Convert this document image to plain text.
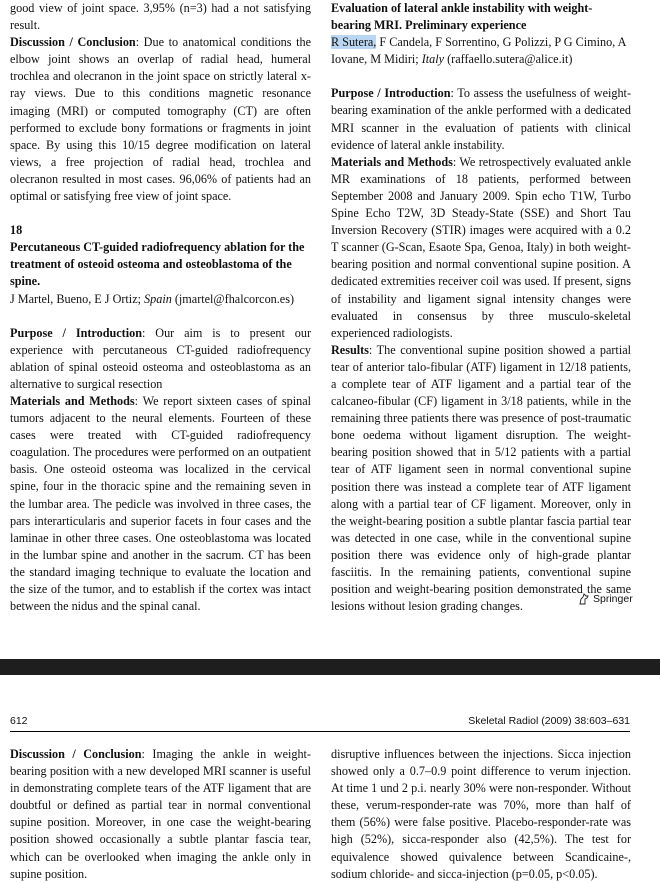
good view of joint space. 3,95% (n=3) had a not satisfying result.

Discussion / Conclusion: Due to anatomical conditions the elbow joint shows an overlap of radial head, humeral trochlea and olecranon in the joint space on strictly lateral x-ray views. Due to this conditions magnetic resonance imaging (MRI) or computed tomography (CT) are often performed to exclude bony formations or fragments in joint space. By using this 10/15 degree modification on lateral views, a free projection of radial head, trochlea and olecranon resulted in most cases. 96,06% of patients had an optimal or satisfying free view of joint space.

18

Percutaneous CT-guided radiofrequency ablation for the treatment of osteoid osteoma and osteoblastoma of the spine.

J Martel, Bueno, E J Ortiz; Spain (jmartel@fhalcorcon.es)

Purpose / Introduction: Our aim is to present our experience with percutaneous CT-guided radiofrequency ablation of spinal osteoid osteoma and osteoblastoma as an alternative to surgical resection

Materials and Methods: We report sixteen cases of spinal tumors adjacent to the neural elements. Fourteen of these cases were treated with CT-guided radiofrequency coagulation. The procedures were performed on an outpatient basis. One osteoid osteoma was localized in the cervical spine, four in the thoracic spine and the remaining seven in the lumbar area. The pedicle was involved in three cases, the pars interarticularis and superior facets in four cases and the laminae in other three cases. One osteoblastoma was located in the lumbar spine and another in the sacrum. CT has been the standard imaging technique to evaluate the location and the size of the tumor, and to establish if the cortex was intact between the nidus and the spinal canal.

Evaluation of lateral ankle instability with weight-bearing MRI. Preliminary experience

R Sutera, F Candela, F Sorrentino, G Polizzi, P G Cimino, A Iovane, M Midiri; Italy (raffaello.sutera@alice.it)

Purpose / Introduction: To assess the usefulness of weight-bearing examination of the ankle performed with a dedicated MRI scanner in the evaluation of patients with clinical evidence of lateral ankle instability.

Materials and Methods: We retrospectively evaluated ankle MR examinations of 18 patients, performed between September 2008 and January 2009. Spin echo T1W, Turbo Spine Echo T2W, 3D Steady-State (SSE) and Short Tau Inversion Recovery (STIR) images were acquired with a 0.2 T scanner (G-Scan, Esaote Spa, Genoa, Italy) in both weight-bearing position and normal conventional supine position. A dedicated extremities receiver coil was used. If present, signs of instability and ligament signal intensity changes were evaluated in consensus by three musculo-skeletal experienced radiologists.

Results: The conventional supine position showed a partial tear of anterior talo-fibular (ATF) ligament in 12/18 patients, a complete tear of ATF ligament and a partial tear of the calcaneo-fibular (CF) ligament in 3/18 patients, while in the remaining three patients there was presence of post-traumatic bone oedema without ligament disruption. The weight-bearing position showed that in 5/12 patients with a partial tear of ATF ligament seen in normal conventional supine position there was instead a complete tear of ATF ligament along with a partial tear of CF ligament. Moreover, only in the weight-bearing position a subtle plantar fascia partial tear was detected in one case, while in the conventional supine position there was evidence only of high-grade plantar fasciitis. In the remaining patients, conventional supine position and weight-bearing position demonstrated the same lesions without lesion grading changes.

Springer
612	Skeletal Radiol (2009) 38:603–631

Discussion / Conclusion: Imaging the ankle in weight-bearing position with a new developed MRI scanner is useful in demonstrating complete tears of the ATF ligament that are doubtful or defined as partial tear in normal conventional supine position. Moreover, in one case the weight-bearing position showed occasionally a subtle plantar fascia tear, which can be overlooked when imaging the ankle only in supine position.

disruptive influences between the injections. Sicca injection showed only a 0.7–0.9 point difference to verum injection. At time 1 und 2 p.i. nearly 30% were non-responder. Without these, verum-responder-rate was 70%, more than half of them (56%) were false positive. Placebo-responder-rate was high (52%), sicca-responder also (42,5%). The test for equivalence showed quivalence between Scandicaine-, sodium chloride- and sicca-injection (p=0.05, p<0.05).
